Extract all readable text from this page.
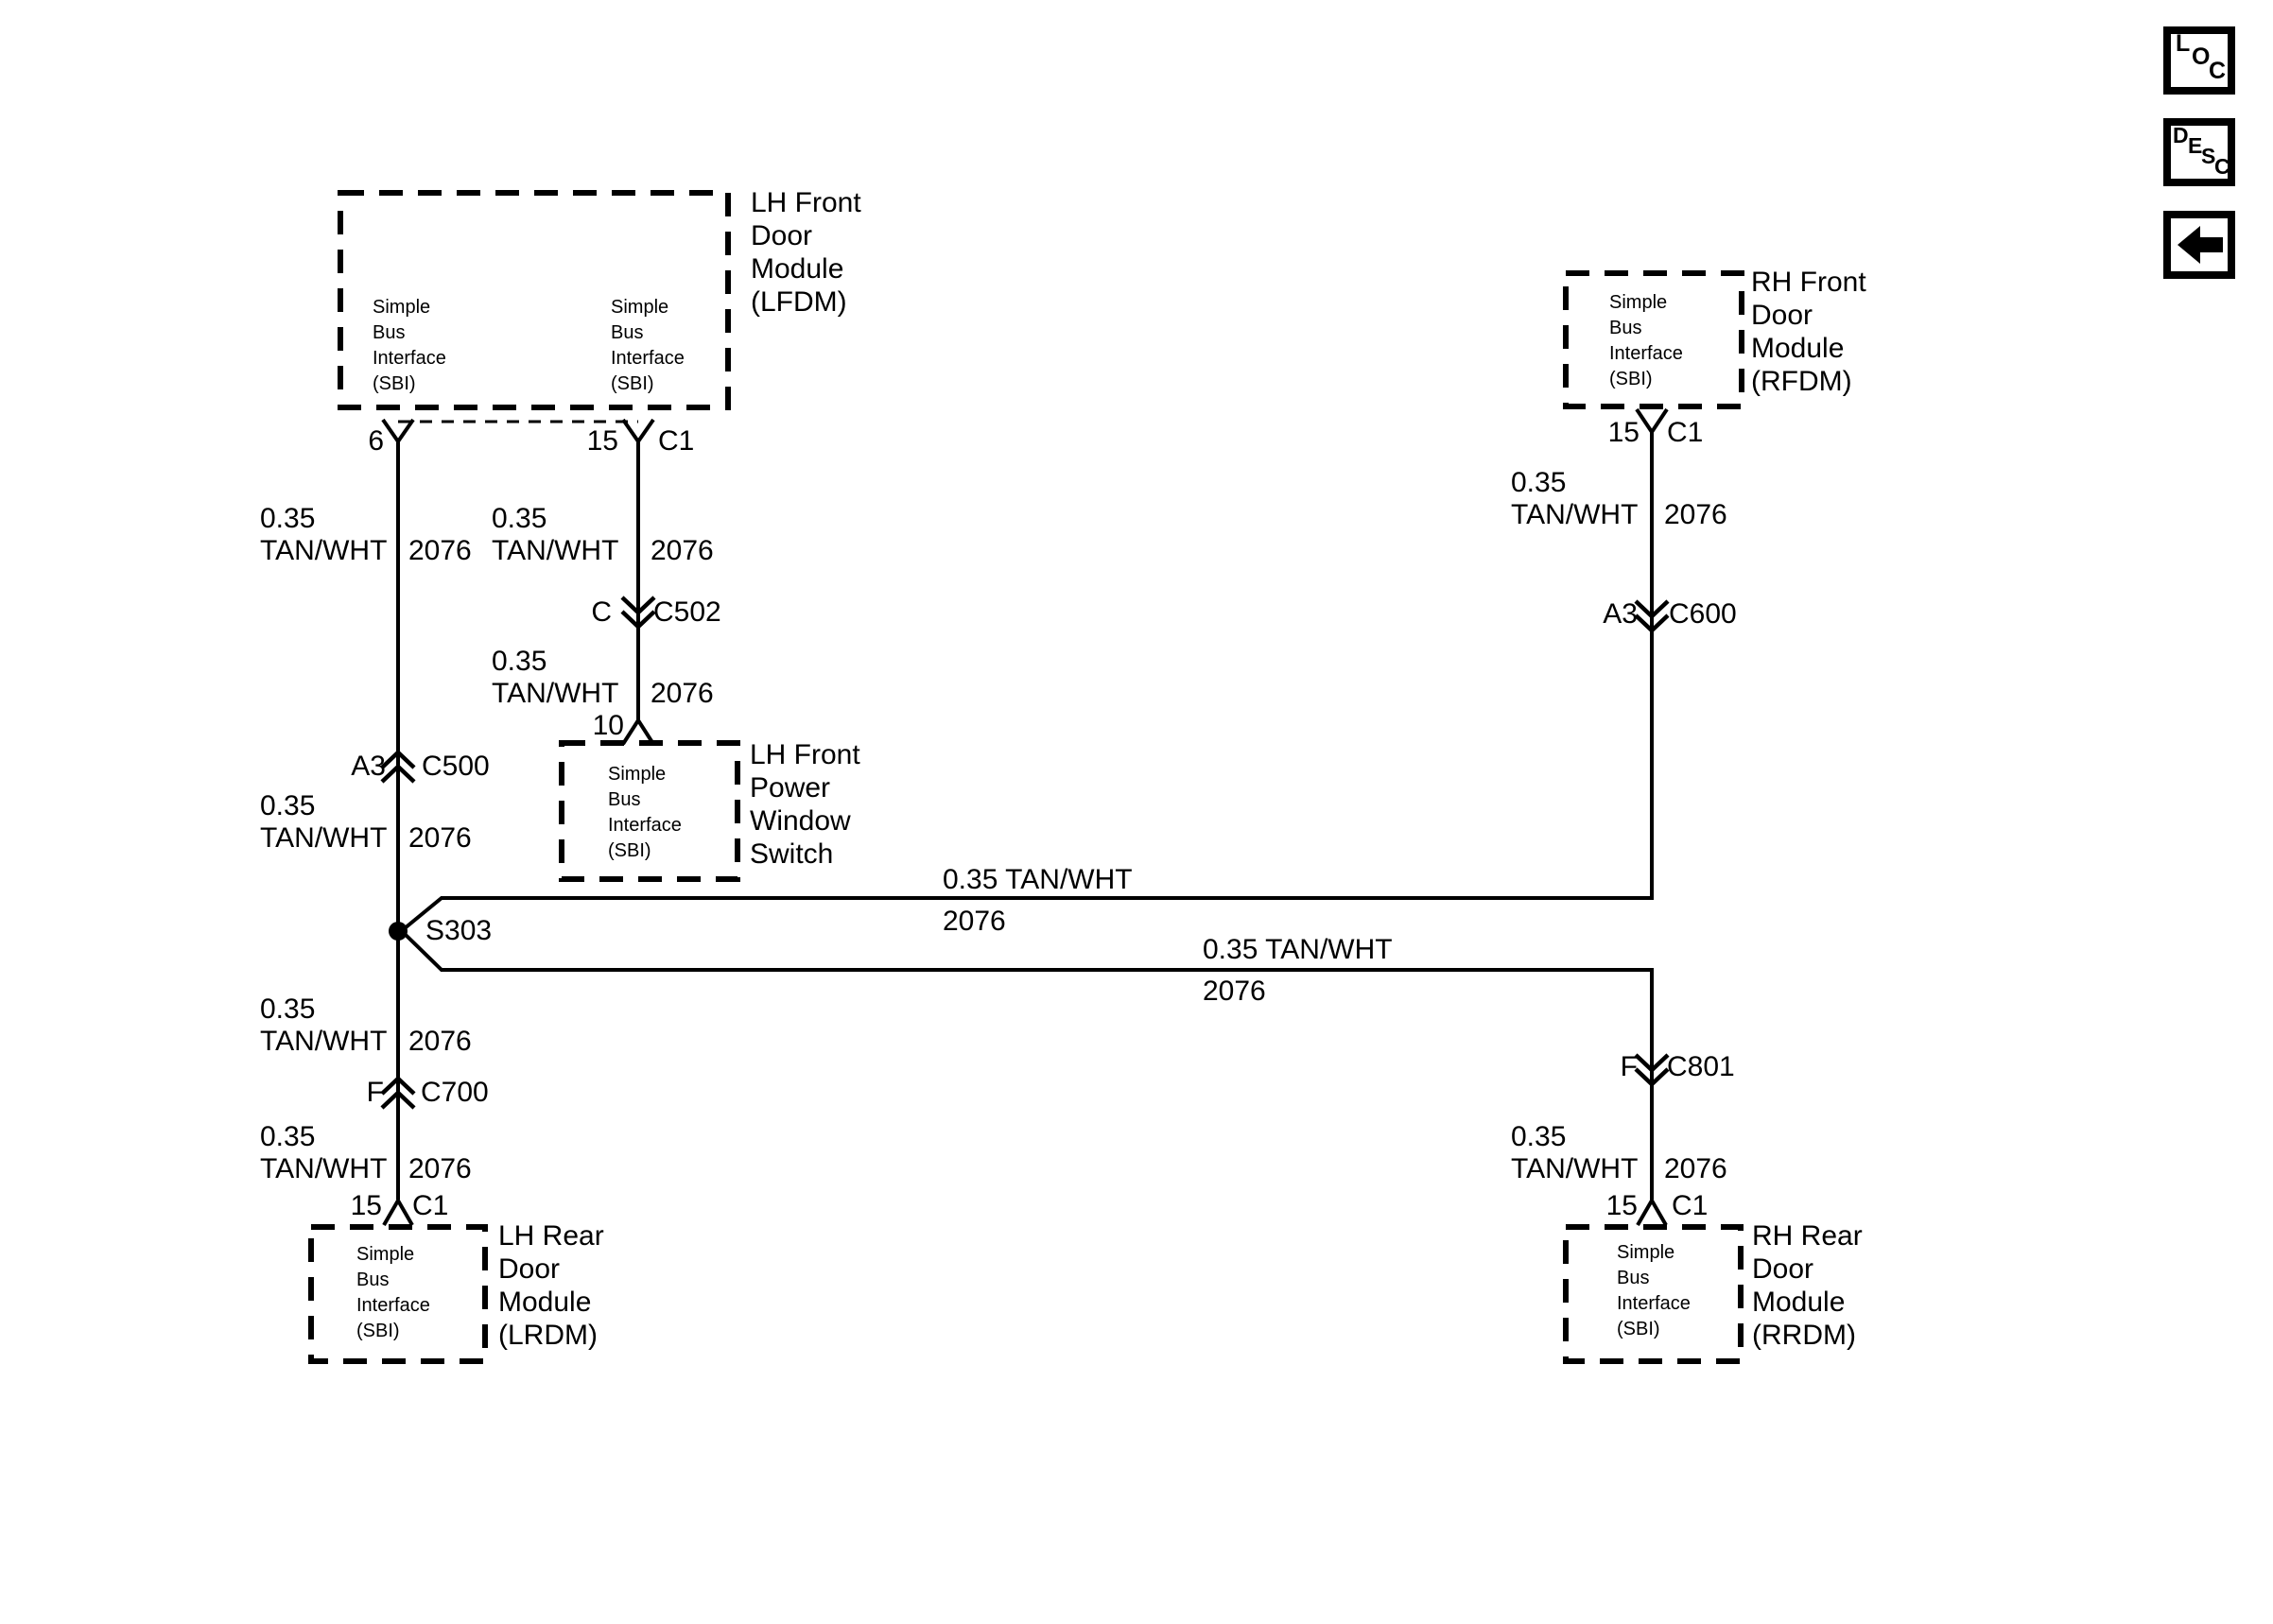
Simple
Bus
Interface
(SBI)
Simple
Bus
Interface
(SBI)
LH Front
Door
Module
(LFDM)
6	15 C1
Simple
Bus
Interface
(SBI)
RH Front
Door
Module
(RFDM)
15 C1
Simple
Bus
Interface
(SBI)
LH Front
Power
Window
Switch
10
Simple
Bus
Interface
(SBI)
LH Rear
Door
Module
(LRDM)
15 C1
Simple
Bus
Interface
(SBI)
RH Rear
Door
Module
(RRDM)
15 C1
0.35
TAN/WHT 2076
0.35
TAN/WHT 2076
0.35
TAN/WHT 2076
0.35
TAN/WHT 2076
0.35
TAN/WHT 2076
0.35
TAN/WHT 2076
0.35
TAN/WHT 2076
0.35
TAN/WHT 2076
0.35 TAN/WHT
2076
0.35 TAN/WHT
2076
A3 C500
C C502	A3 C600
F C700
F C801
S303
L O
C
D E
S
C
